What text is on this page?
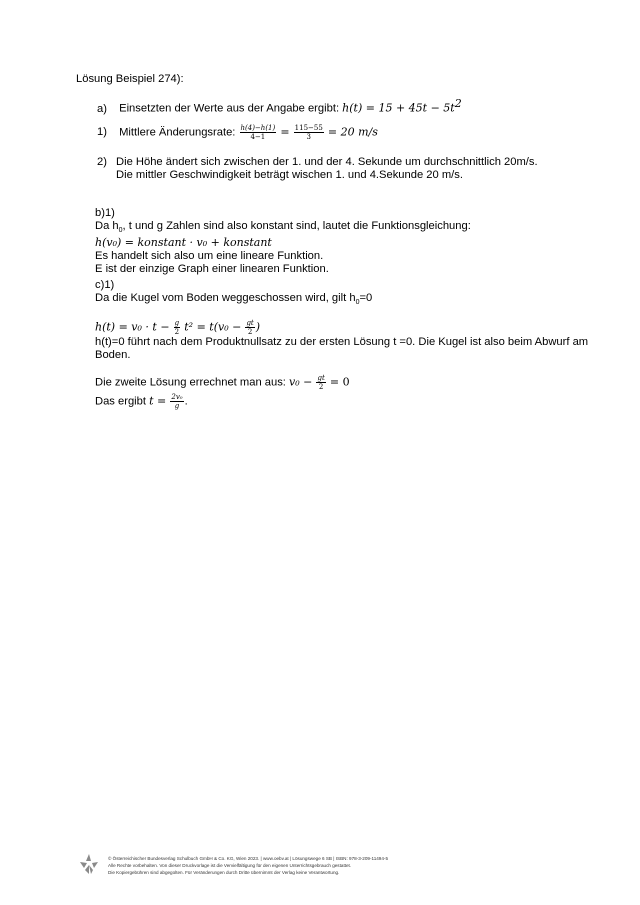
Lösung Beispiel 274):
a) Einsetzten der Werte aus der Angabe ergibt: $h(t) = 15 + 45t - 5t^2$
1) Mittlere Änderungsrate: $\frac{h(4)-h(1)}{4-1} = \frac{115-55}{3} = 20$ m/s
2) Die Höhe ändert sich zwischen der 1. und der 4. Sekunde um durchschnittlich 20m/s.
Die mittler Geschwindigkeit beträgt wischen 1. und 4.Sekunde 20 m/s.
b)1)
Da $h_0$, t und g Zahlen sind also konstant sind, lautet die Funktionsgleichung:
h(v₀) = konstant · v₀ + konstant
Es handelt sich also um eine lineare Funktion.
E ist der einzige Graph einer linearen Funktion.
c)1)
Da die Kugel vom Boden weggeschossen wird, gilt $h_0=0$
$h(t) = v_0 \cdot t - \frac{g}{2} t^2 = t(v_0 - \frac{gt}{2}$ )
h(t)=0 führt nach dem Produktnullsatz zu der ersten Lösung t =0. Die Kugel ist also beim Abwurf am
Boden.
Die zweite Lösung errechnet man aus: $v_0 - \frac{gt}{2} = 0$
Das ergibt $t = \frac{\text{2v₀}}{g}$ .
© Österreichischer Bundesverlag Schulbuch GmbH & Co. KG, Wien 2023. | www.oebv.at | Lösungswege 6 SB | ISBN: 978-3-209-11494-5
Alle Rechte vorbehalten. Von dieser Druckvorlage ist die Vervielfältigung für den eigenen Unterrichtsgebrauch gestattet.
Die Kopiergebühren sind abgegolten. Für Veränderungen durch Dritte übernimmt der Verlag keine Verantwortung.
